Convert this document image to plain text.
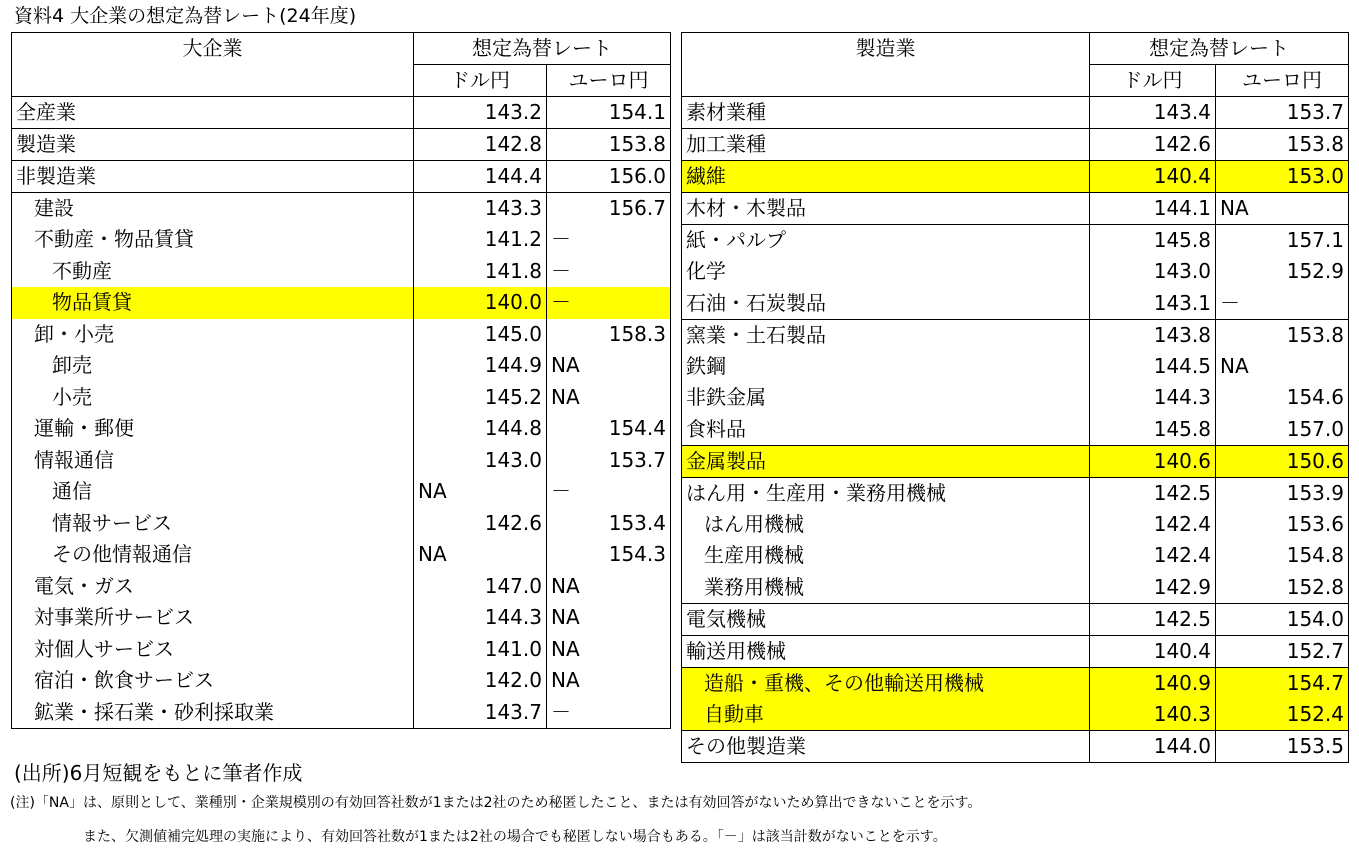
資料4 大企業の想定為替レート(24年度)
大企業	想定為替レート	
	ドル円	ユーロ円
全産業	143.2	154.1
製造業	142.8	153.8
非製造業	144.4	156.0
建設	143.3	156.7
不動産・物品賃貸	141.2	－
不動産	141.8	－
物品賃貸	140.0	－
卸・小売	145.0	158.3
卸売	144.9	NA
小売	145.2	NA
運輸・郵便	144.8	154.4
情報通信	143.0	153.7
通信	NA	－
情報サービス	142.6	153.4
その他情報通信	NA	154.3
電気・ガス	147.0	NA
対事業所サービス	144.3	NA
対個人サービス	141.0	NA
宿泊・飲食サービス	142.0	NA
鉱業・採石業・砂利採取業	143.7	－
製造業	想定為替レート	
	ドル円	ユーロ円
素材業種	143.4	153.7
加工業種	142.6	153.8
繊維	140.4	153.0
木材・木製品	144.1	NA
紙・パルプ	145.8	157.1
化学	143.0	152.9
石油・石炭製品	143.1	－
窯業・土石製品	143.8	153.8
鉄鋼	144.5	NA
非鉄金属	144.3	154.6
食料品	145.8	157.0
金属製品	140.6	150.6
はん用・生産用・業務用機械	142.5	153.9
はん用機械	142.4	153.6
生産用機械	142.4	154.8
業務用機械	142.9	152.8
電気機械	142.5	154.0
輸送用機械	140.4	152.7
造船・重機、その他輸送用機械	140.9	154.7
自動車	140.3	152.4
その他製造業	144.0	153.5
(出所)6月短観をもとに筆者作成
(注)「NA」は、原則として、業種別・企業規模別の有効回答社数が1または2社のため秘匿したこと、または有効回答がないため算出できないことを示す。
また、欠測値補完処理の実施により、有効回答社数が1または2社の場合でも秘匿しない場合もある。「－」は該当計数がないことを示す。
